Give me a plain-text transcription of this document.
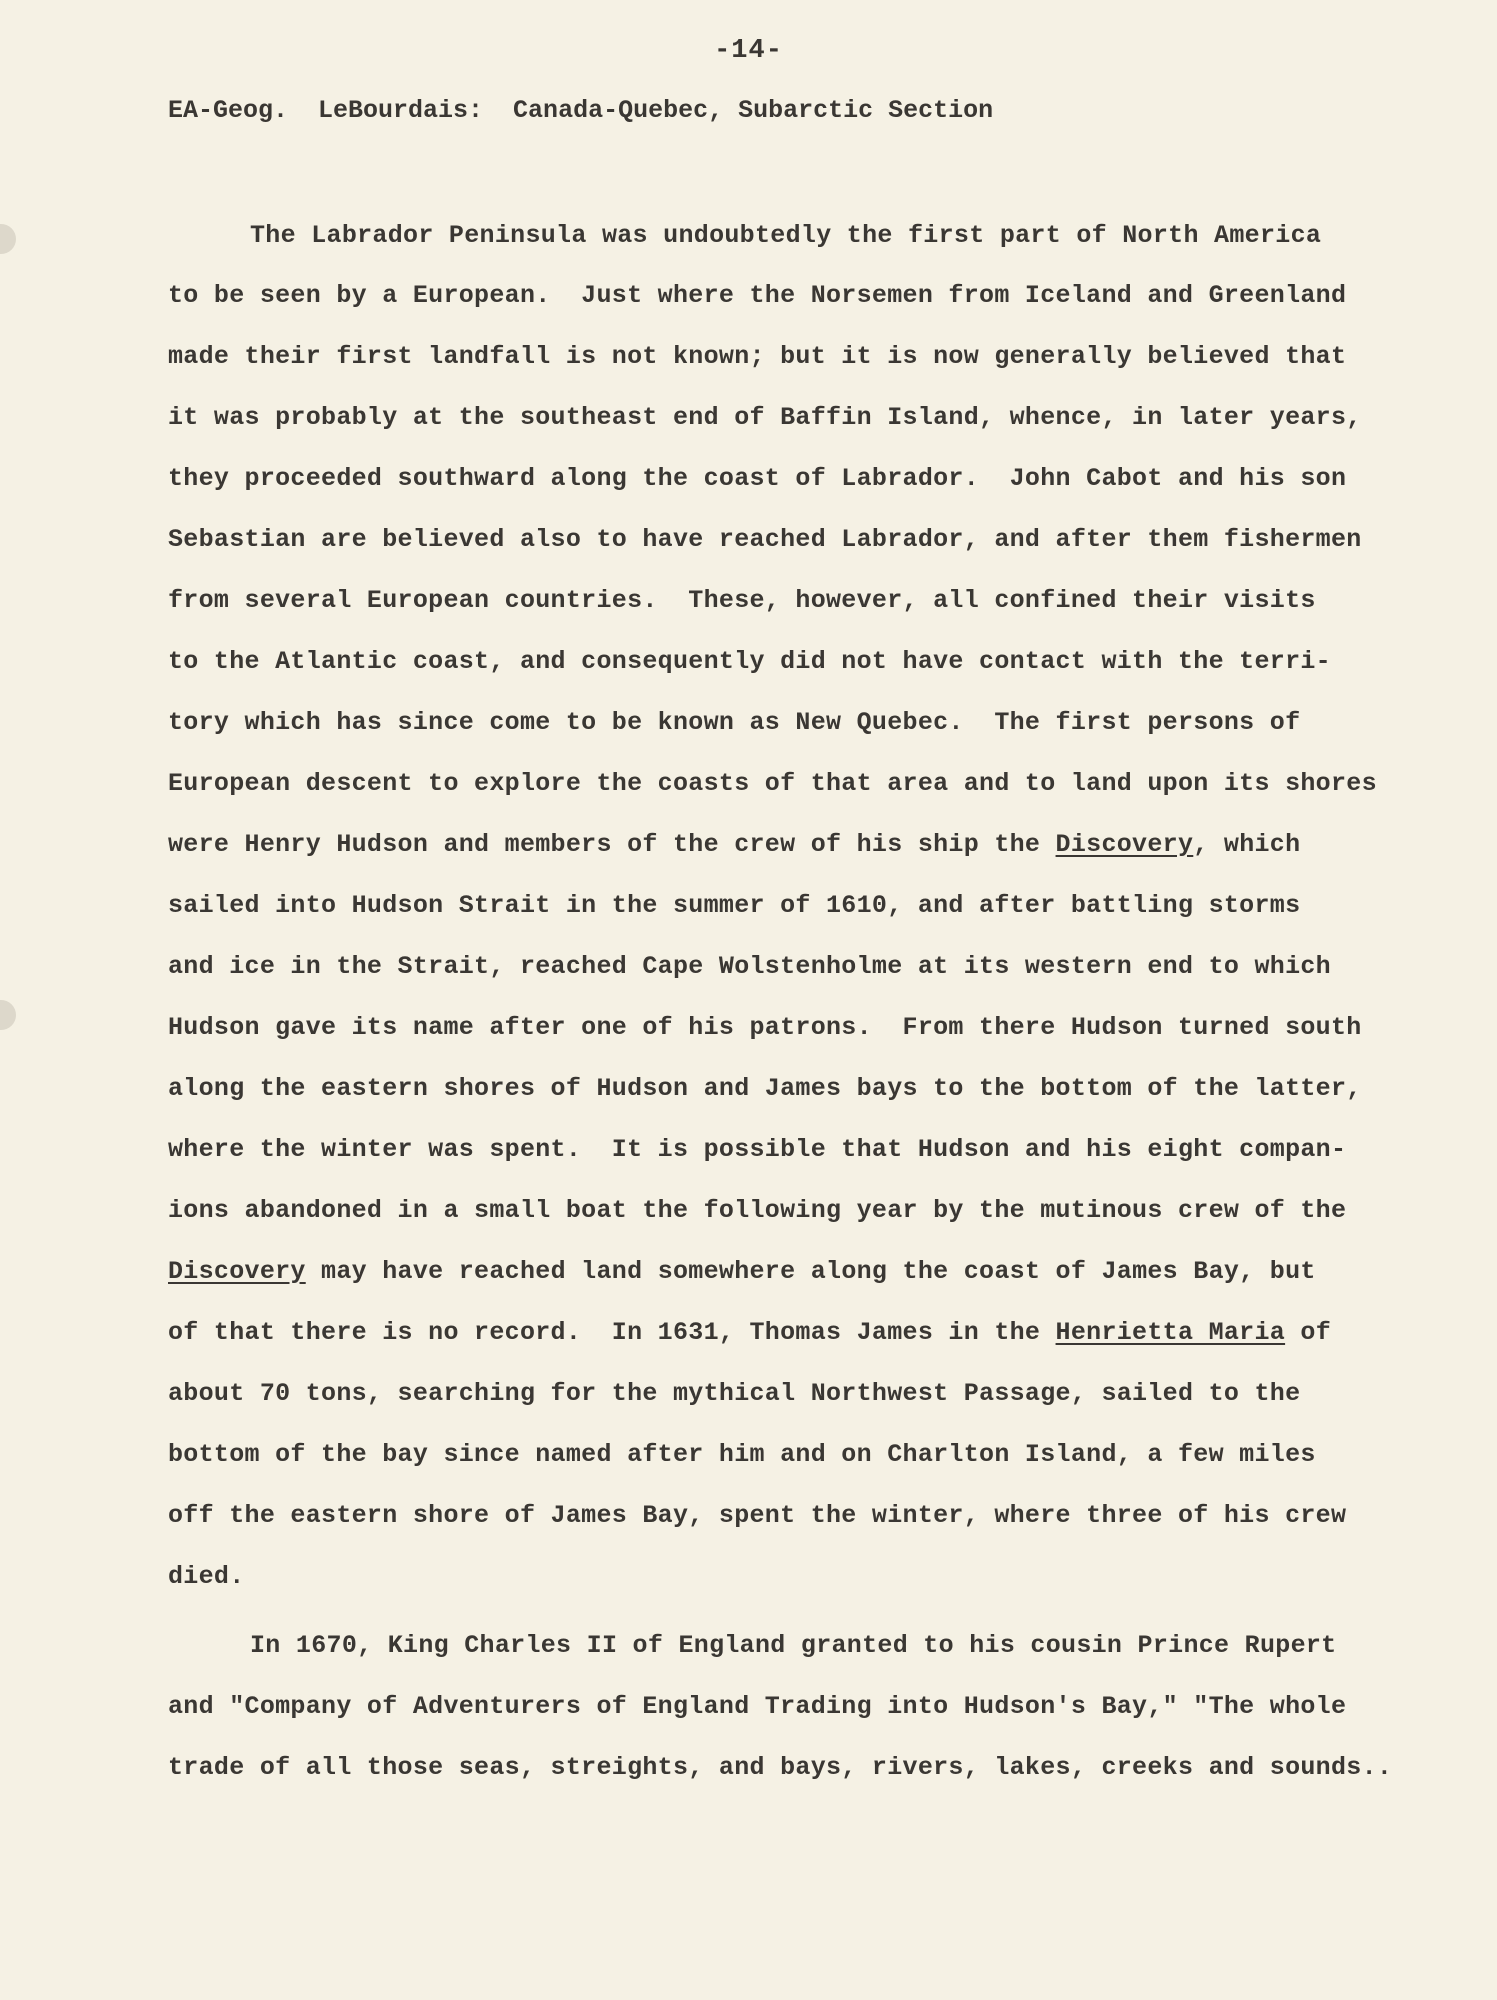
-14-
EA-Geog.  LeBourdais:  Canada-Quebec, Subarctic Section
The Labrador Peninsula was undoubtedly the first part of North America
to be seen by a European.  Just where the Norsemen from Iceland and Greenland
made their first landfall is not known; but it is now generally believed that
it was probably at the southeast end of Baffin Island, whence, in later years,
they proceeded southward along the coast of Labrador.  John Cabot and his son
Sebastian are believed also to have reached Labrador, and after them fishermen
from several European countries.  These, however, all confined their visits
to the Atlantic coast, and consequently did not have contact with the terri-
tory which has since come to be known as New Quebec.  The first persons of
European descent to explore the coasts of that area and to land upon its shores
were Henry Hudson and members of the crew of his ship the Discovery, which
sailed into Hudson Strait in the summer of 1610, and after battling storms
and ice in the Strait, reached Cape Wolstenholme at its western end to which
Hudson gave its name after one of his patrons.  From there Hudson turned south
along the eastern shores of Hudson and James bays to the bottom of the latter,
where the winter was spent.  It is possible that Hudson and his eight compan-
ions abandoned in a small boat the following year by the mutinous crew of the
Discovery may have reached land somewhere along the coast of James Bay, but
of that there is no record.  In 1631, Thomas James in the Henrietta Maria of
about 70 tons, searching for the mythical Northwest Passage, sailed to the
bottom of the bay since named after him and on Charlton Island, a few miles
off the eastern shore of James Bay, spent the winter, where three of his crew
died.
In 1670, King Charles II of England granted to his cousin Prince Rupert
and "Company of Adventurers of England Trading into Hudson's Bay," "The whole
trade of all those seas, streights, and bays, rivers, lakes, creeks and sounds..
